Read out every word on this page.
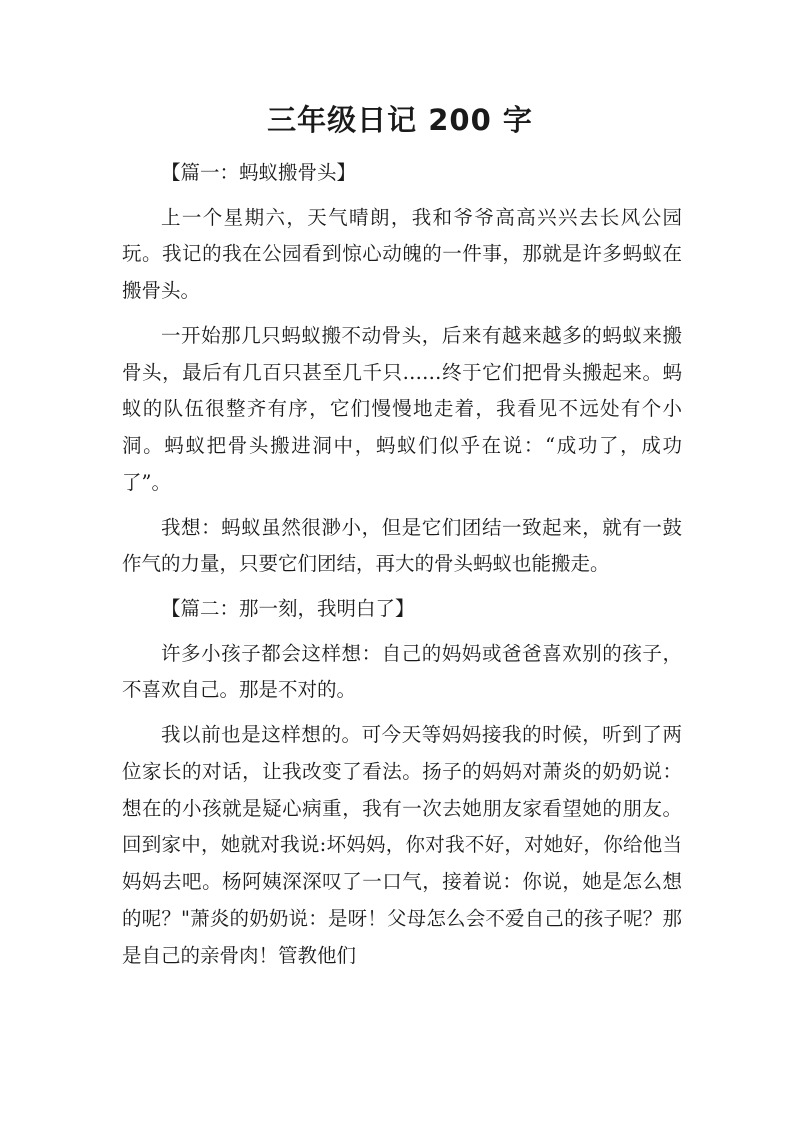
三年级日记 200 字

【篇一：蚂蚁搬骨头】

上一个星期六，天气晴朗，我和爷爷高高兴兴去长风公园玩。我记的我在公园看到惊心动魄的一件事，那就是许多蚂蚁在搬骨头。

一开始那几只蚂蚁搬不动骨头，后来有越来越多的蚂蚁来搬骨头，最后有几百只甚至几千只……终于它们把骨头搬起来。蚂蚁的队伍很整齐有序，它们慢慢地走着，我看见不远处有个小洞。蚂蚁把骨头搬进洞中，蚂蚁们似乎在说：“成功了，成功了”。

我想：蚂蚁虽然很渺小，但是它们团结一致起来，就有一鼓作气的力量，只要它们团结，再大的骨头蚂蚁也能搬走。

【篇二：那一刻，我明白了】

许多小孩子都会这样想：自己的妈妈或爸爸喜欢别的孩子，不喜欢自己。那是不对的。

我以前也是这样想的。可今天等妈妈接我的时候，听到了两位家长的对话，让我改变了看法。扬子的妈妈对萧炎的奶奶说：想在的小孩就是疑心病重，我有一次去她朋友家看望她的朋友。回到家中，她就对我说:坏妈妈，你对我不好，对她好，你给他当妈妈去吧。杨阿姨深深叹了一口气，接着说：你说，她是怎么想的呢？"萧炎的奶奶说：是呀！父母怎么会不爱自己的孩子呢？那是自己的亲骨肉！管教他们
